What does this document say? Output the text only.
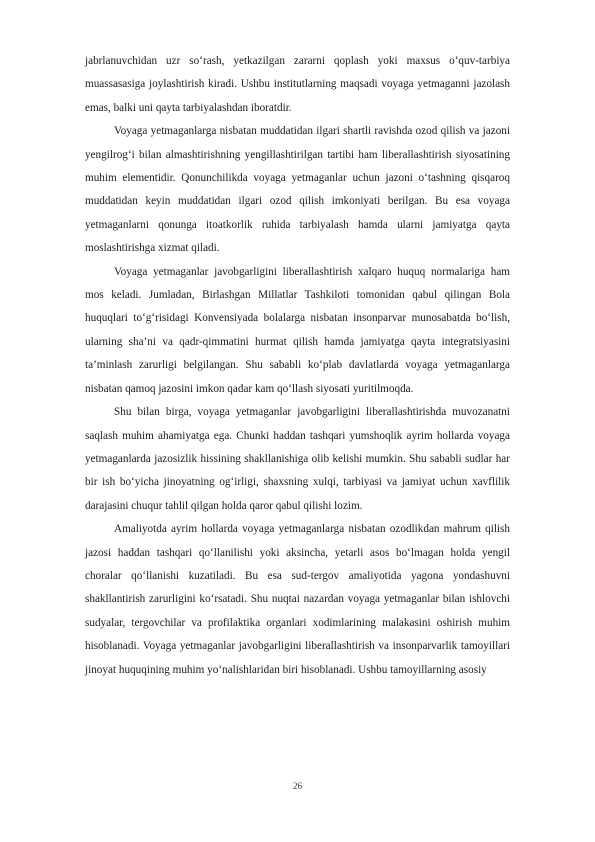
jabrlanuvchidan uzr so‘rash, yetkazilgan zararni qoplash yoki maxsus o‘quv-tarbiya muassasasiga joylashtirish kiradi. Ushbu institutlarning maqsadi voyaga yetmaganni jazolash emas, balki uni qayta tarbiyalashdan iboratdir.

Voyaga yetmaganlarga nisbatan muddatidan ilgari shartli ravishda ozod qilish va jazoni yengilrog‘i bilan almashtirishning yengillashtirilgan tartibi ham liberallashtirish siyosatining muhim elementidir. Qonunchilikda voyaga yetmaganlar uchun jazoni o‘tashning qisqaroq muddatidan keyin muddatidan ilgari ozod qilish imkoniyati berilgan. Bu esa voyaga yetmaganlarni qonunga itoatkorlik ruhida tarbiyalash hamda ularni jamiyatga qayta moslashtirishga xizmat qiladi.

Voyaga yetmaganlar javobgarligini liberallashtirish xalqaro huquq normalariga ham mos keladi. Jumladan, Birlashgan Millatlar Tashkiloti tomonidan qabul qilingan Bola huquqlari to‘g‘risidagi Konvensiyada bolalarga nisbatan insonparvar munosabatda bo‘lish, ularning sha’ni va qadr-qimmatini hurmat qilish hamda jamiyatga qayta integratsiyasini ta’minlash zarurligi belgilangan. Shu sababli ko‘plab davlatlarda voyaga yetmaganlarga nisbatan qamoq jazosini imkon qadar kam qo‘llash siyosati yuritilmoqda.

Shu bilan birga, voyaga yetmaganlar javobgarligini liberallashtirishda muvozanatni saqlash muhim ahamiyatga ega. Chunki haddan tashqari yumshoqlik ayrim hollarda voyaga yetmaganlarda jazosizlik hissining shakllanishiga olib kelishi mumkin. Shu sababli sudlar har bir ish bo‘yicha jinoyatning og‘irligi, shaxsning xulqi, tarbiyasi va jamiyat uchun xavflilik darajasini chuqur tahlil qilgan holda qaror qabul qilishi lozim.

Amaliyotda ayrim hollarda voyaga yetmaganlarga nisbatan ozodlikdan mahrum qilish jazosi haddan tashqari qo‘llanilishi yoki aksincha, yetarli asos bo‘lmagan holda yengil choralar qo‘llanishi kuzatiladi. Bu esa sud-tergov amaliyotida yagona yondashuvni shakllantirish zarurligini ko‘rsatadi. Shu nuqtai nazardan voyaga yetmaganlar bilan ishlovchi sudyalar, tergovchilar va profilaktika organlari xodimlarining malakasini oshirish muhim hisoblanadi. Voyaga yetmaganlar javobgarligini liberallashtirish va insonparvarlik tamoyillari jinoyat huquqining muhim yo‘nalishlaridan biri hisoblanadi. Ushbu tamoyillarning asosiy

26
